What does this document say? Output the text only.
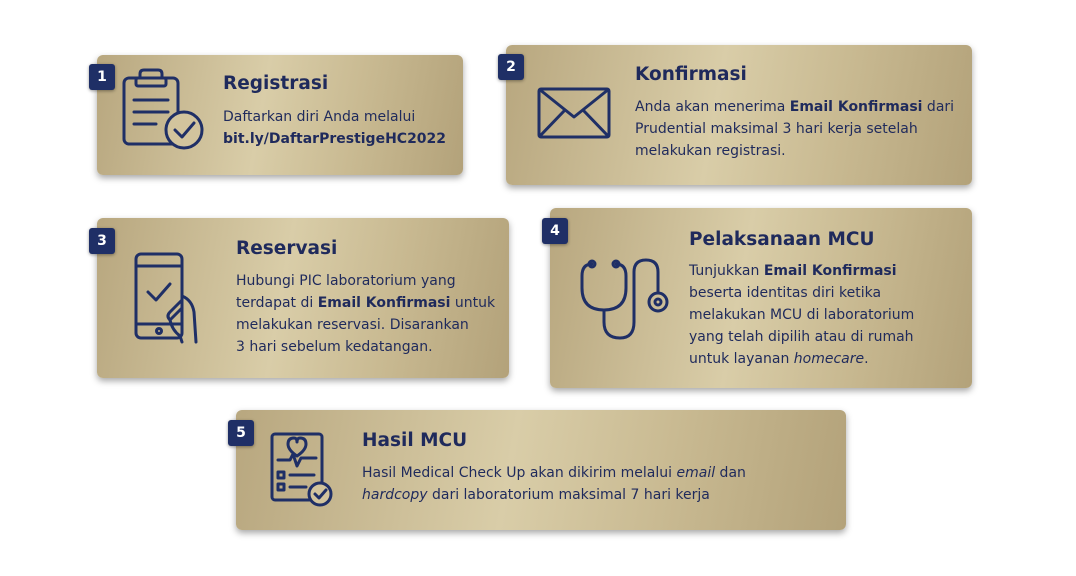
1	Registrasi
Daftarkan diri Anda melalui
bit.ly/DaftarPrestigeHC2022
2	Konfirmasi
Anda akan menerima Email Konfirmasi dari
Prudential maksimal 3 hari kerja setelah
melakukan registrasi.
3	Reservasi
Hubungi PIC laboratorium yang
terdapat di Email Konfirmasi untuk
melakukan reservasi. Disarankan
3 hari sebelum kedatangan.
4	Pelaksanaan MCU
Tunjukkan Email Konfirmasi
beserta identitas diri ketika
melakukan MCU di laboratorium
yang telah dipilih atau di rumah
untuk layanan homecare.
5	Hasil MCU
Hasil Medical Check Up akan dikirim melalui email dan
hardcopy dari laboratorium maksimal 7 hari kerja
